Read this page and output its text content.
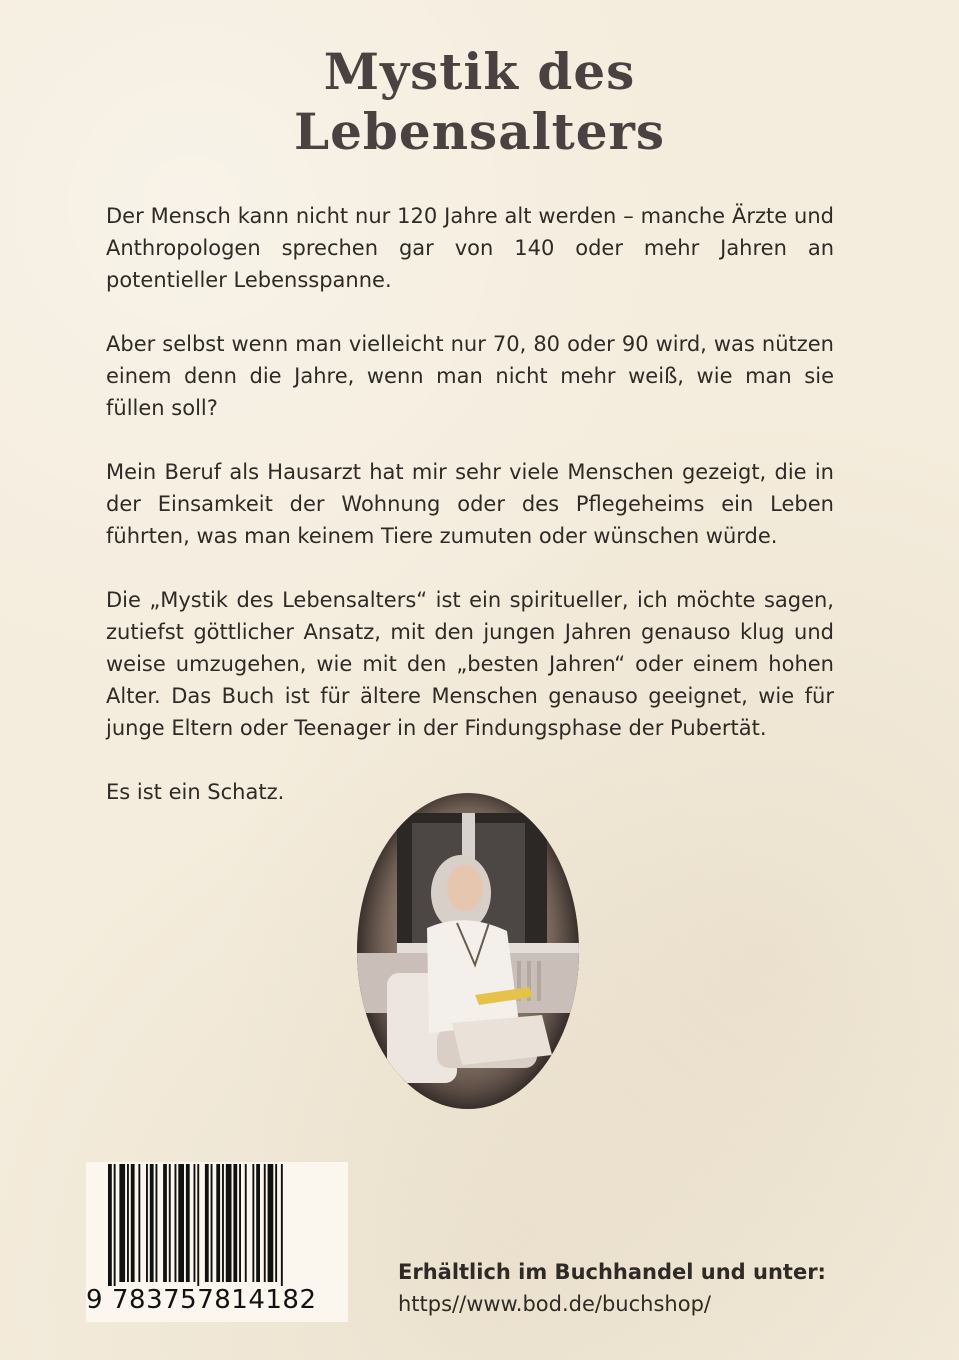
Mystik des
Lebensalters

Der Mensch kann nicht nur 120 Jahre alt werden – manche Ärzte und Anthropologen sprechen gar von 140 oder mehr Jahren an potentieller Lebensspanne.

Aber selbst wenn man vielleicht nur 70, 80 oder 90 wird, was nützen einem denn die Jahre, wenn man nicht mehr weiß, wie man sie füllen soll?

Mein Beruf als Hausarzt hat mir sehr viele Menschen gezeigt, die in der Einsamkeit der Wohnung oder des Pflegeheims ein Leben führten, was man keinem Tiere zumuten oder wünschen würde.

Die „Mystik des Lebensalters“ ist ein spiritueller, ich möchte sagen, zutiefst göttlicher Ansatz, mit den jungen Jahren genauso klug und weise umzugehen, wie mit den „besten Jahren“ oder einem hohen Alter. Das Buch ist für ältere Menschen genauso geeignet, wie für junge Eltern oder Teenager in der Findungsphase der Pubertät.

Es ist ein Schatz.

9 783757814182
Erhältlich im Buchhandel und unter:
https//www.bod.de/buchshop/
